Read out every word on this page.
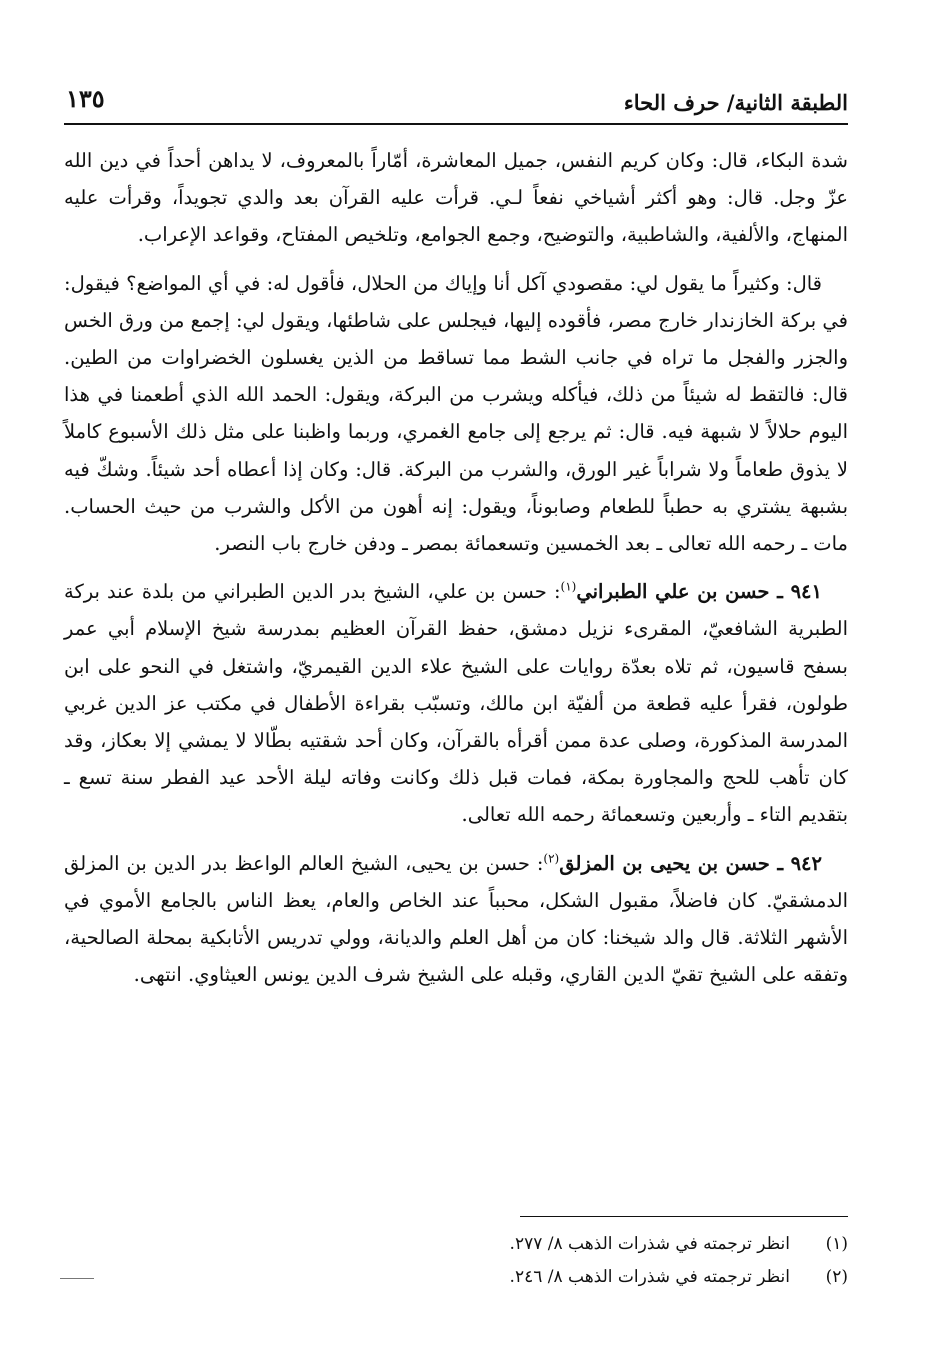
الطبقة الثانية/ حرف الحاء
١٣٥

شدة البكاء، قال: وكان كريم النفس، جميل المعاشرة، أمّاراً بالمعروف، لا يداهن أحداً في دين الله عزّ وجل. قال: وهو أكثر أشياخي نفعاً لـي. قرأت عليه القرآن بعد والدي تجويداً، وقرأت عليه المنهاج، والألفية، والشاطبية، والتوضيح، وجمع الجوامع، وتلخيص المفتاح، وقواعد الإعراب.

قال: وكثيراً ما يقول لي: مقصودي آكل أنا وإياك من الحلال، فأقول له: في أي المواضع؟ فيقول: في بركة الخازندار خارج مصر، فأقوده إليها، فيجلس على شاطئها، ويقول لي: إجمع من ورق الخس والجزر والفجل ما تراه في جانب الشط مما تساقط من الذين يغسلون الخضراوات من الطين. قال: فالتقط له شيئاً من ذلك، فيأكله ويشرب من البركة، ويقول: الحمد الله الذي أطعمنا في هذا اليوم حلالاً لا شبهة فيه. قال: ثم يرجع إلى جامع الغمري، وربما واظبنا على مثل ذلك الأسبوع كاملاً لا يذوق طعاماً ولا شراباً غير الورق، والشرب من البركة. قال: وكان إذا أعطاه أحد شيئاً. وشكّ فيه بشبهة يشتري به حطباً للطعام وصابوناً، ويقول: إنه أهون من الأكل والشرب من حيث الحساب. مات ـ رحمه الله تعالى ـ بعد الخمسين وتسعمائة بمصر ـ ودفن خارج باب النصر.

٩٤١ ـ حسن بن علي الطبراني$^{(١)}$: حسن بن علي، الشيخ بدر الدين الطبراني من بلدة عند بركة الطبرية الشافعيّ، المقرىء نزيل دمشق، حفظ القرآن العظيم بمدرسة شيخ الإسلام أبي عمر بسفح قاسيون، ثم تلاه بعدّة روايات على الشيخ علاء الدين القيمريّ، واشتغل في النحو على ابن طولون، فقرأ عليه قطعة من ألفيّة ابن مالك، وتسبّب بقراءة الأطفال في مكتب عز الدين غربي المدرسة المذكورة، وصلى عدة ممن أقرأه بالقرآن، وكان أحد شقتيه بطّالا لا يمشي إلا بعكاز، وقد كان تأهب للحج والمجاورة بمكة، فمات قبل ذلك وكانت وفاته ليلة الأحد عيد الفطر سنة تسع ـ بتقديم التاء ـ وأربعين وتسعمائة رحمه الله تعالى.

٩٤٢ ـ حسن بن يحيى بن المزلق$^{(٢)}$: حسن بن يحيى، الشيخ العالم الواعظ بدر الدين بن المزلق الدمشقيّ. كان فاضلاً، مقبول الشكل، محبباً عند الخاص والعام، يعظ الناس بالجامع الأموي في الأشهر الثلاثة. قال والد شيخنا: كان من أهل العلم والديانة، وولي تدريس الأتابكية بمحلة الصالحية، وتفقه على الشيخ تقيّ الدين القاري، وقبله على الشيخ شرف الدين يونس العيثاوي. انتهى.

(١)انظر ترجمته في شذرات الذهب ٨/ ٢٧٧.
(٢)انظر ترجمته في شذرات الذهب ٨/ ٢٤٦.
